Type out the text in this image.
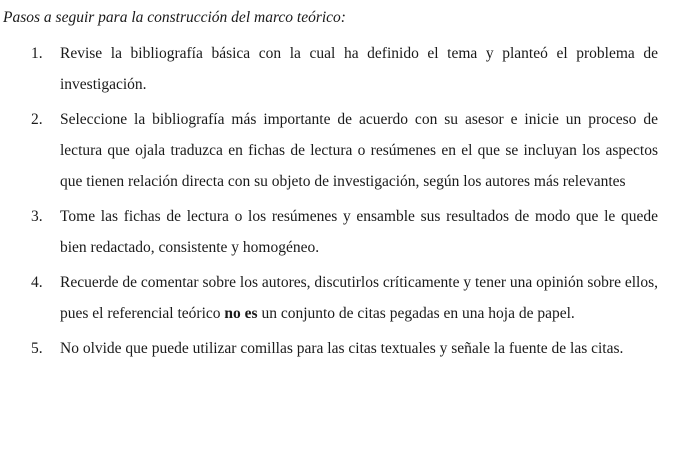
Pasos a seguir para la construcción del marco teórico:
1. Revise la bibliografía básica con la cual ha definido el tema y planteó el problema de investigación.
2. Seleccione la bibliografía más importante de acuerdo con su asesor e inicie un proceso de lectura que ojala traduzca en fichas de lectura o resúmenes en el que se incluyan los aspectos que tienen relación directa con su objeto de investigación, según los autores más relevantes
3. Tome las fichas de lectura o los resúmenes y ensamble sus resultados de modo que le quede bien redactado, consistente y homogéneo.
4. Recuerde de comentar sobre los autores, discutirlos críticamente y tener una opinión sobre ellos, pues el referencial teórico no es un conjunto de citas pegadas en una hoja de papel.
5. No olvide que puede utilizar comillas para las citas textuales y señale la fuente de las citas.
